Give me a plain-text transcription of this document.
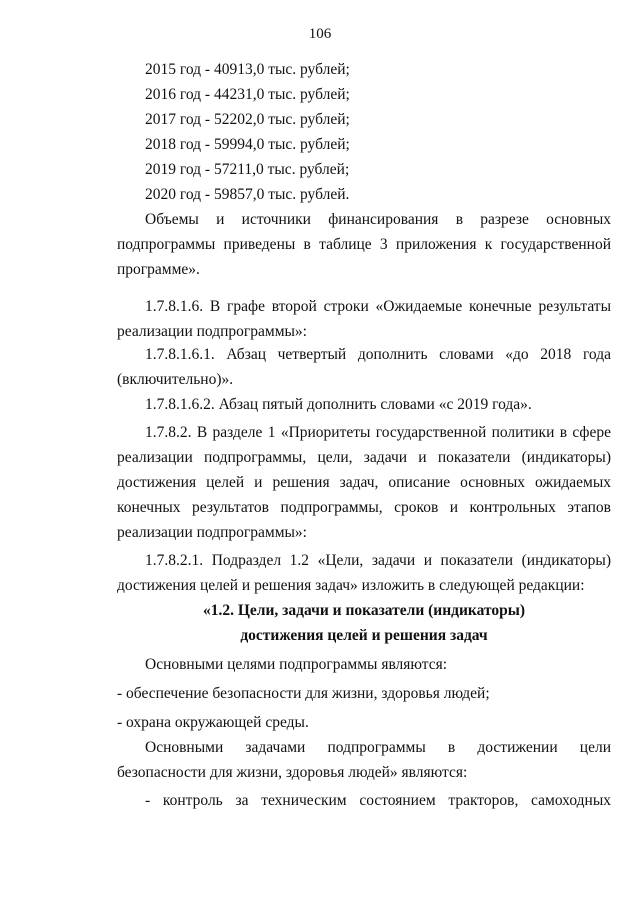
106
2015 год - 40913,0 тыс. рублей;
2016 год - 44231,0 тыс. рублей;
2017 год - 52202,0 тыс. рублей;
2018 год - 59994,0 тыс. рублей;
2019 год - 57211,0 тыс. рублей;
2020 год - 59857,0 тыс. рублей.
Объемы и источники финансирования в разрезе основных
подпрограммы приведены в таблице 3 приложения к государственной
программе».
1.7.8.1.6. В графе второй строки «Ожидаемые конечные результаты
реализации подпрограммы»:
1.7.8.1.6.1. Абзац четвертый дополнить словами «до 2018 года
(включительно)».
1.7.8.1.6.2. Абзац пятый дополнить словами «с 2019 года».
1.7.8.2. В разделе 1 «Приоритеты государственной политики в сфере
реализации подпрограммы, цели, задачи и показатели (индикаторы)
достижения целей и решения задач, описание основных ожидаемых
конечных результатов подпрограммы, сроков и контрольных этапов
реализации подпрограммы»:
1.7.8.2.1. Подраздел 1.2 «Цели, задачи и показатели (индикаторы)
достижения целей и решения задач» изложить в следующей редакции:
«1.2. Цели, задачи и показатели (индикаторы)
достижения целей и решения задач
Основными целями подпрограммы являются:
- обеспечение безопасности для жизни, здоровья людей;
- охрана окружающей среды.
Основными задачами подпрограммы в достижении цели
безопасности для жизни, здоровья людей» являются:
- контроль за техническим состоянием тракторов, самоходных
